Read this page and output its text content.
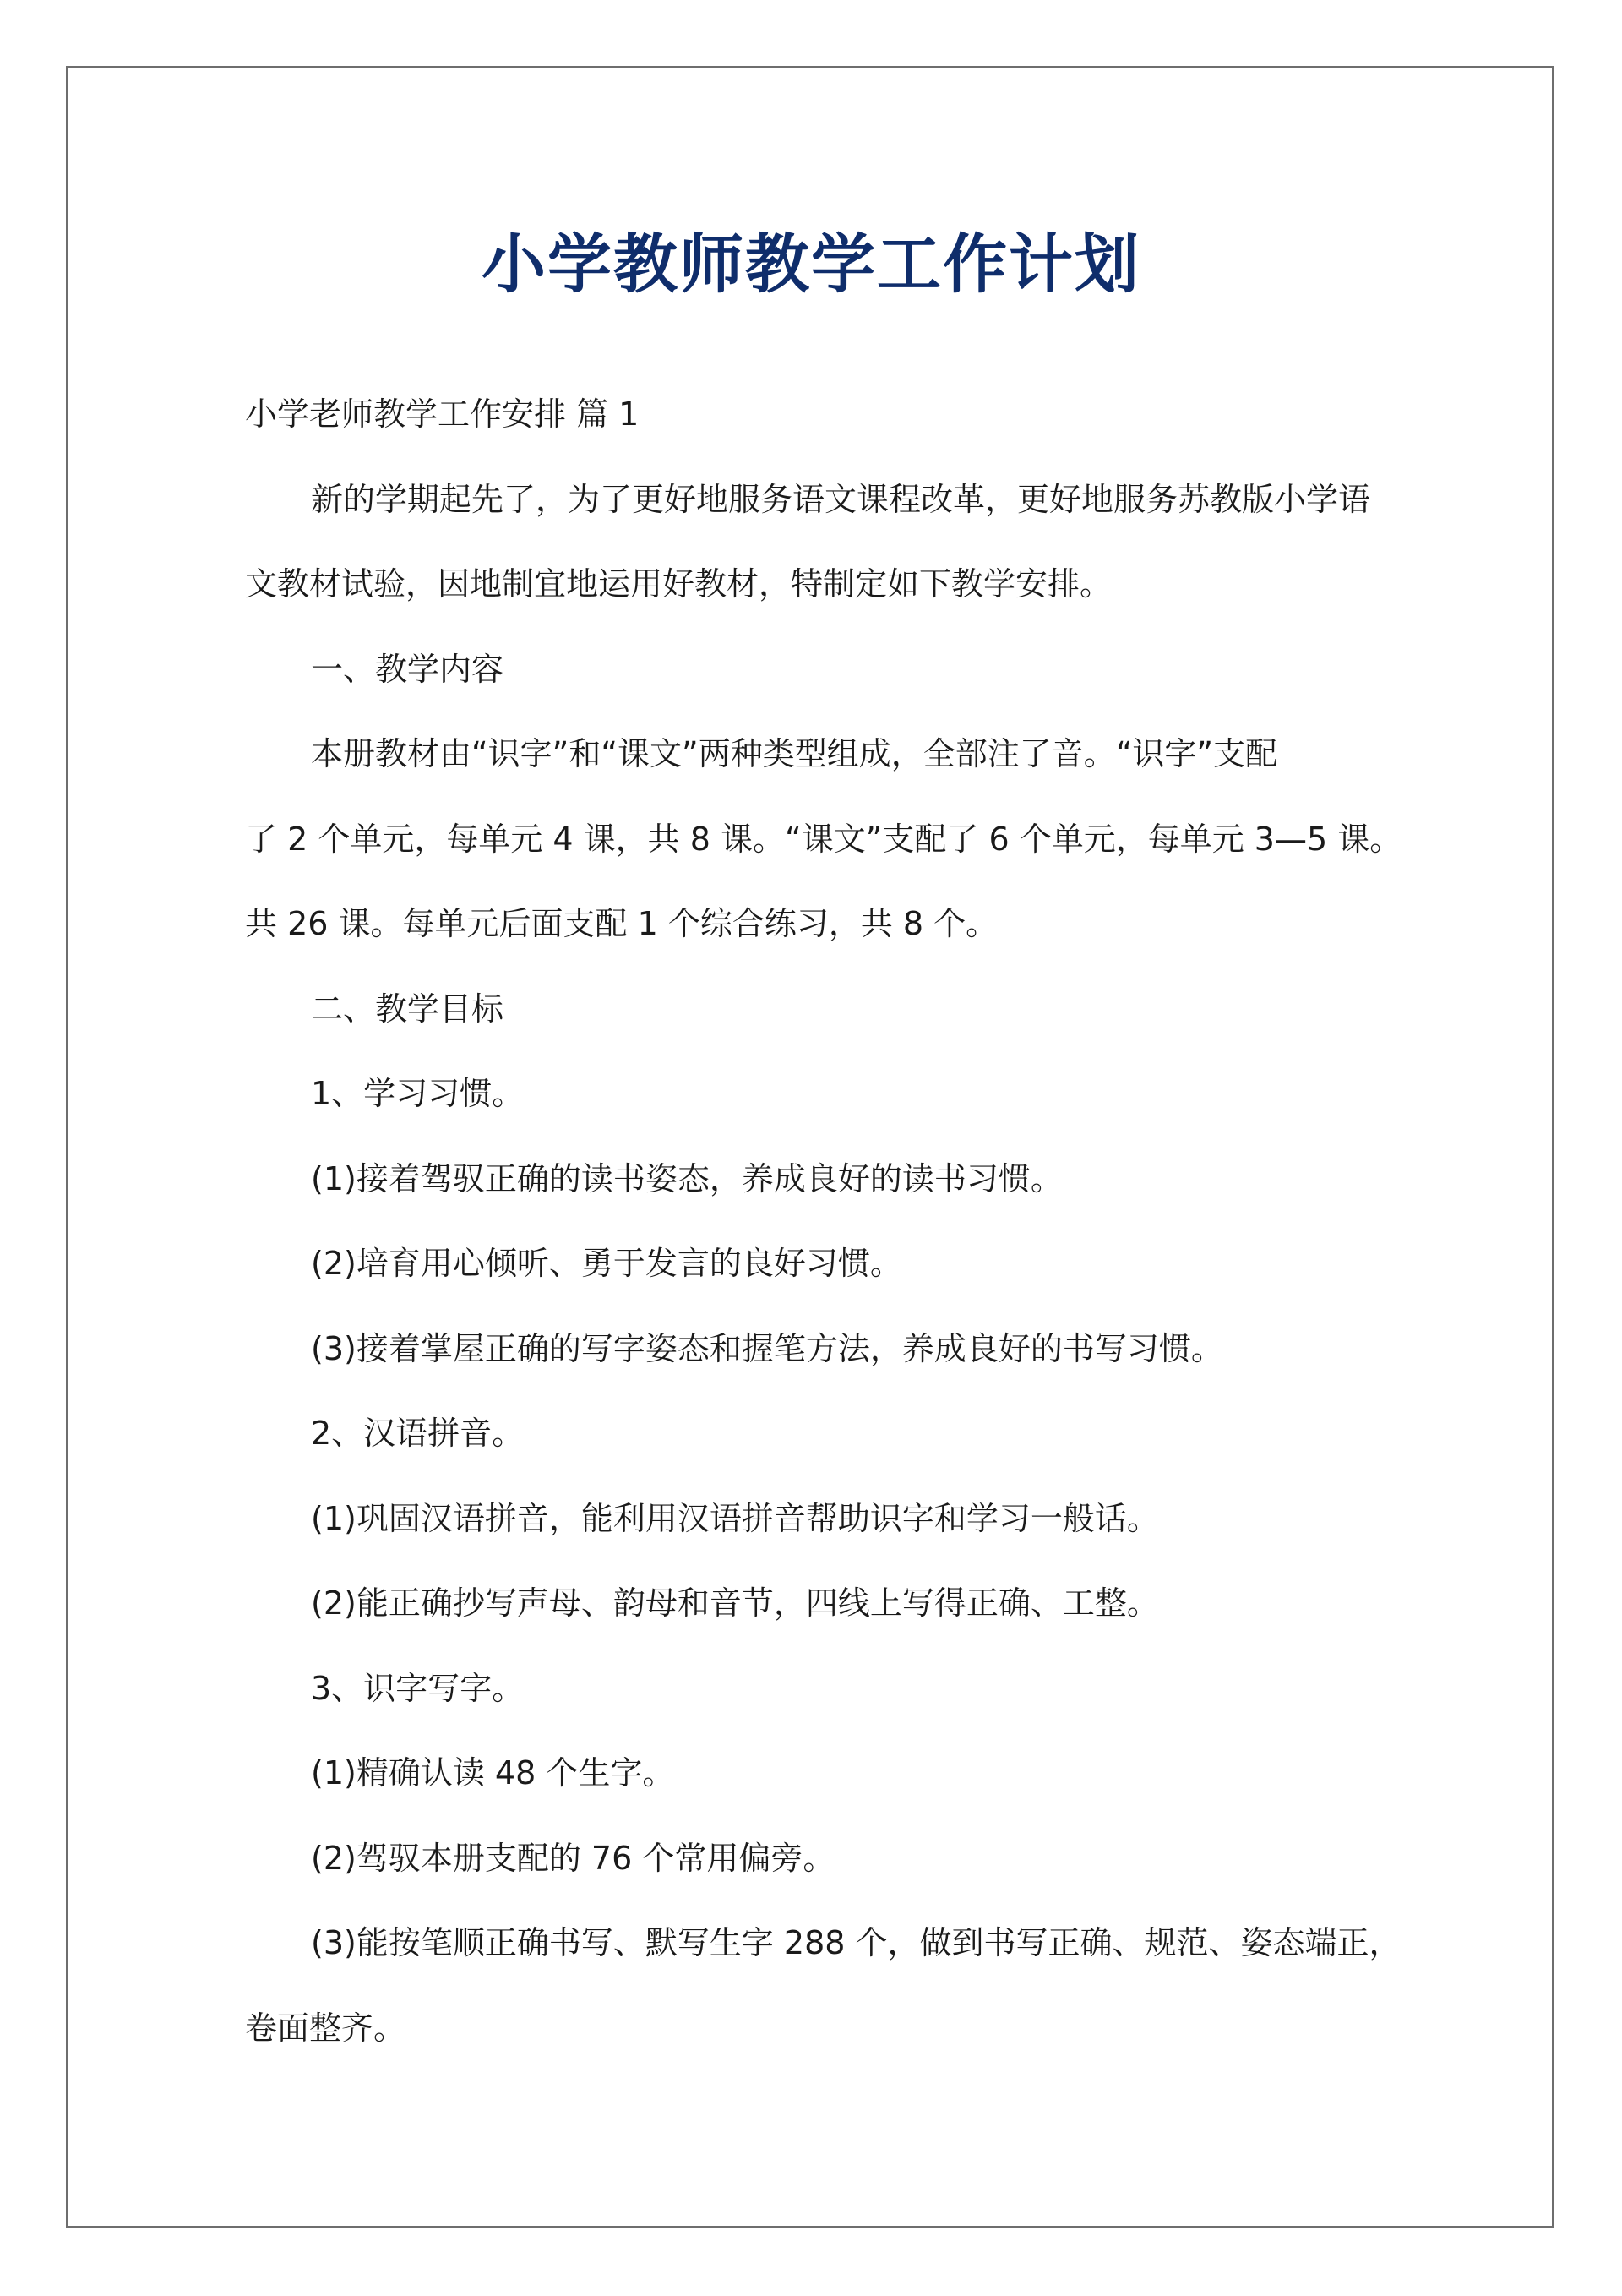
小学教师教学工作计划
小学老师教学工作安排 篇 1
新的学期起先了，为了更好地服务语文课程改革，更好地服务苏教版小学语
文教材试验，因地制宜地运用好教材，特制定如下教学安排。
一、教学内容
本册教材由“识字”和“课文”两种类型组成，全部注了音。“识字”支配
了 2 个单元，每单元 4 课，共 8 课。“课文”支配了 6 个单元，每单元 3—5 课。
共 26 课。每单元后面支配 1 个综合练习，共 8 个。
二、教学目标
1、学习习惯。
(1)接着驾驭正确的读书姿态，养成良好的读书习惯。
(2)培育用心倾听、勇于发言的良好习惯。
(3)接着掌屋正确的写字姿态和握笔方法，养成良好的书写习惯。
2、汉语拼音。
(1)巩固汉语拼音，能利用汉语拼音帮助识字和学习一般话。
(2)能正确抄写声母、韵母和音节，四线上写得正确、工整。
3、识字写字。
(1)精确认读 48 个生字。
(2)驾驭本册支配的 76 个常用偏旁。
(3)能按笔顺正确书写、默写生字 288 个，做到书写正确、规范、姿态端正，
卷面整齐。
